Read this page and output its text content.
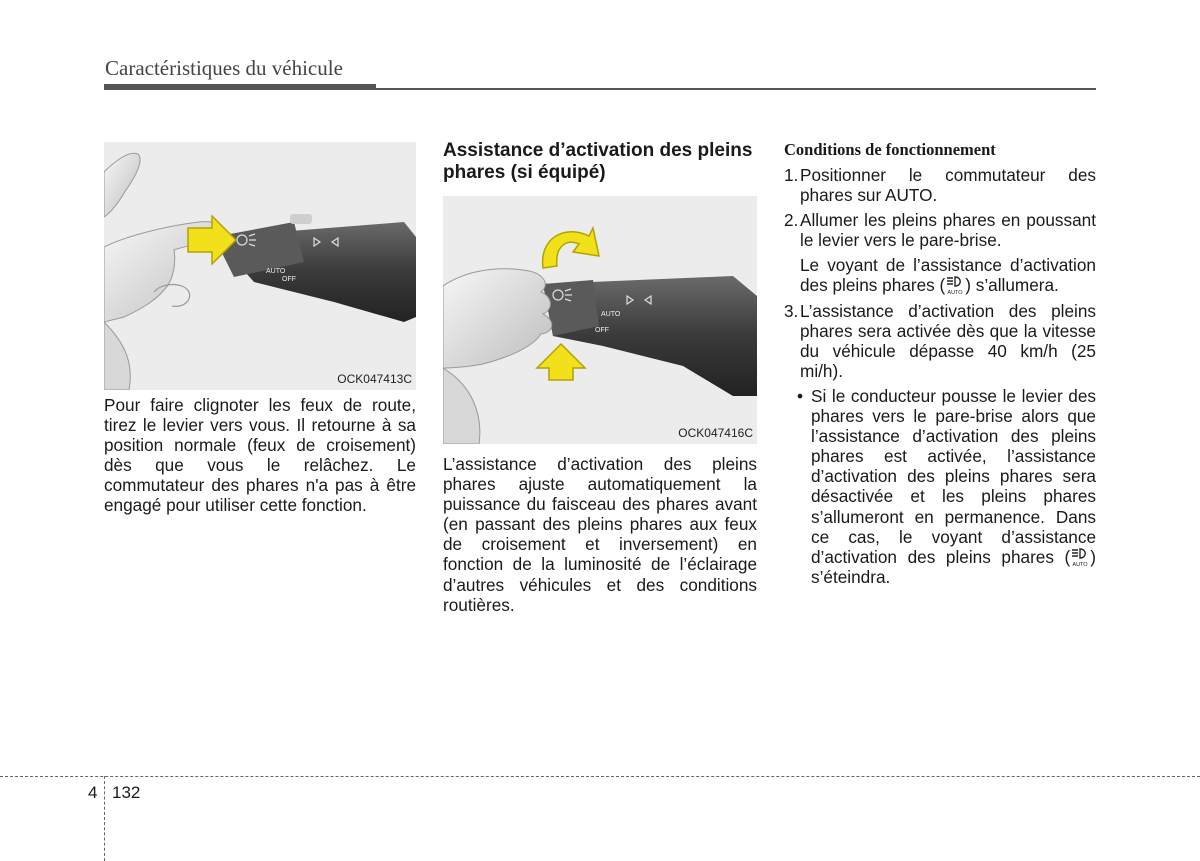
Caractéristiques du véhicule
AUTO
OFF
OCK047413C

Pour faire clignoter les feux de route, tirez le levier vers vous. Il retourne à sa position normale (feux de croisement) dès que vous le relâchez. Le commutateur des phares n'a pas à être engagé pour utiliser cette fonction.

Assistance d’activation des pleins phares (si équipé)
AUTO
OFF
OCK047416C

L’assistance d’activation des pleins phares ajuste automatiquement la puissance du faisceau des phares avant (en passant des pleins phares aux feux de croisement et inversement) en fonction de la luminosité de l’éclairage d’autres véhicules et des conditions routières.

Conditions de fonctionnement
1. Positionner le commutateur des phares sur AUTO.
2. Allumer les pleins phares en poussant le levier vers le pare-brise.
Le voyant de l’assistance d’activation des pleins phares ( AUTO ) s’allumera.
3. L’assistance d’activation des pleins phares sera activée dès que la vitesse du véhicule dépasse 40 km/h (25 mi/h).
• Si le conducteur pousse le levier des phares vers le pare-brise alors que l’assistance d’activation des pleins phares est activée, l’assistance d’activation des pleins phares sera désactivée et les pleins phares s’allumeront en permanence. Dans ce cas, le voyant d’assistance d’activation des pleins phares ( AUTO ) s’éteindra.
4 132
